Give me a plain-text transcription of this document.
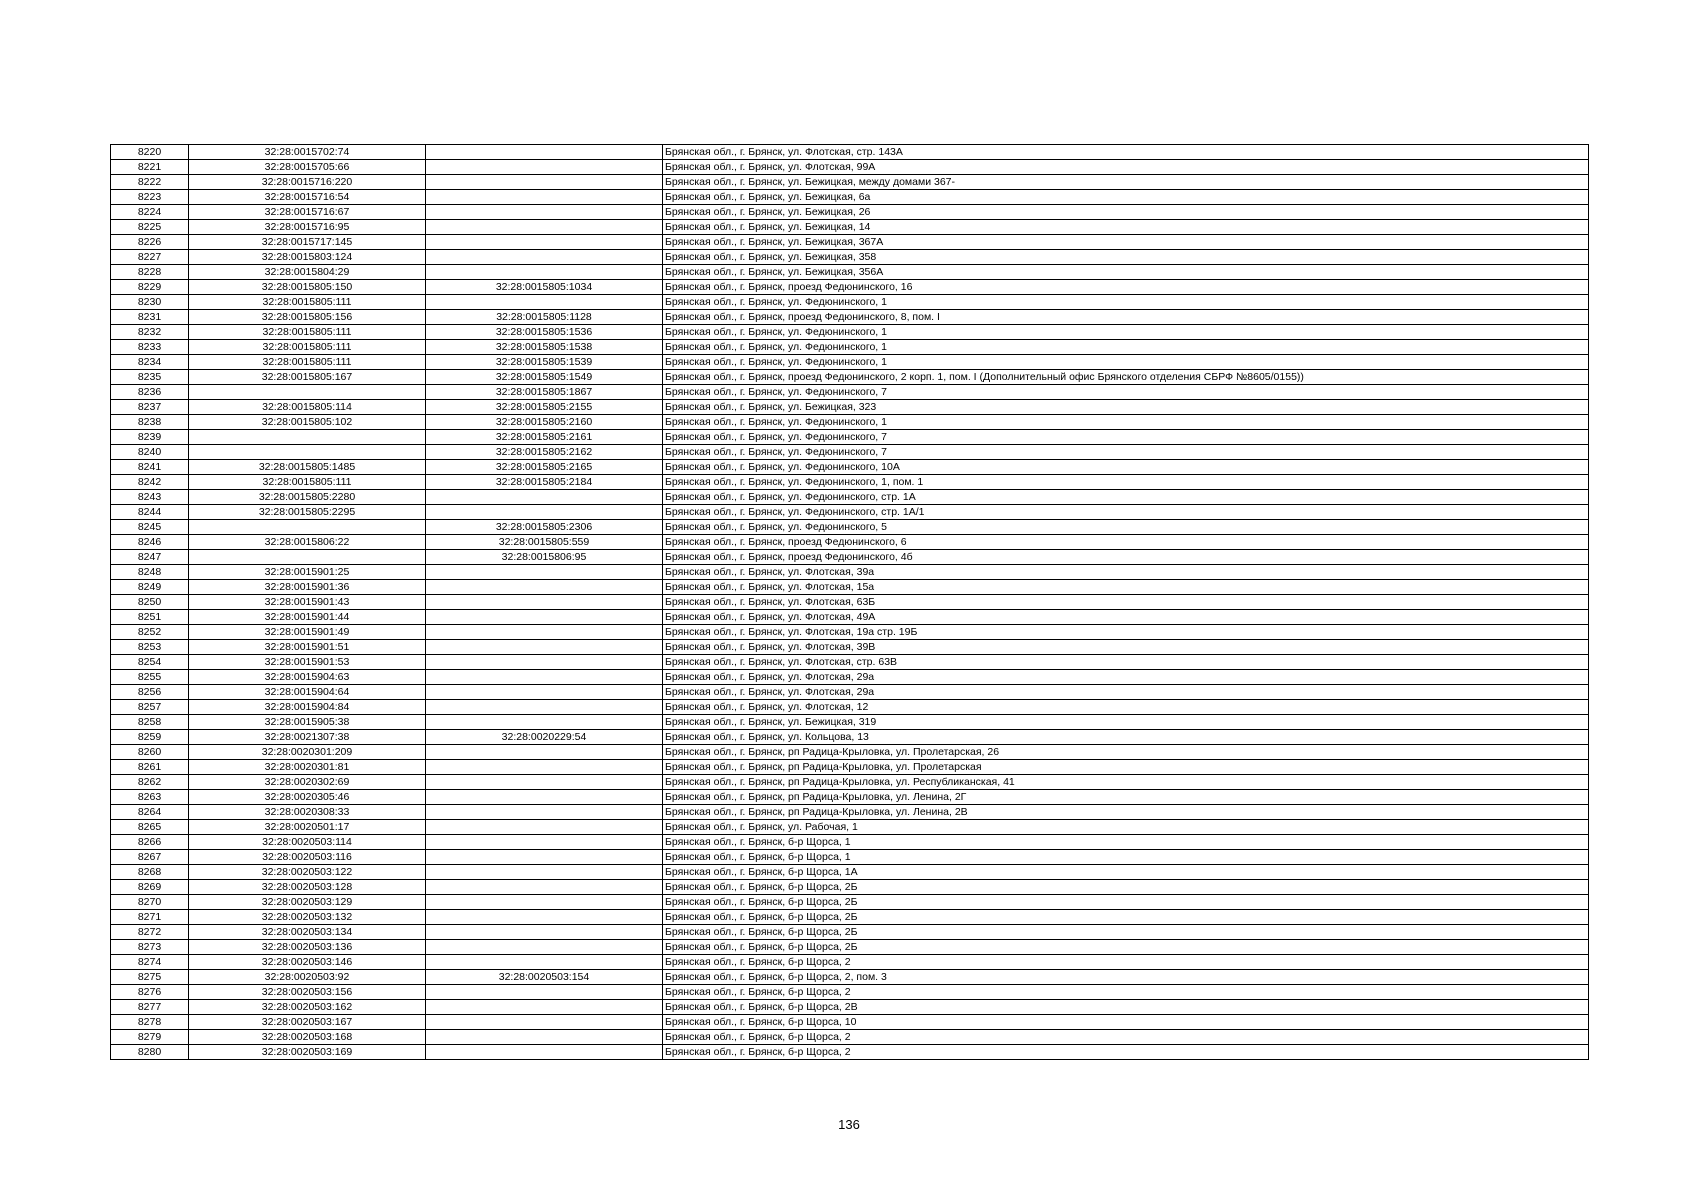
8220	32:28:0015702:74		Брянская обл., г. Брянск, ул. Флотская, стр. 143А
8221	32:28:0015705:66		Брянская обл., г. Брянск, ул. Флотская, 99А
8222	32:28:0015716:220		Брянская обл., г. Брянск, ул. Бежицкая, между домами 367-
8223	32:28:0015716:54		Брянская обл., г. Брянск, ул. Бежицкая, 6а
8224	32:28:0015716:67		Брянская обл., г. Брянск, ул. Бежицкая, 26
8225	32:28:0015716:95		Брянская обл., г. Брянск, ул. Бежицкая, 14
8226	32:28:0015717:145		Брянская обл., г. Брянск, ул. Бежицкая, 367А
8227	32:28:0015803:124		Брянская обл., г. Брянск, ул. Бежицкая, 358
8228	32:28:0015804:29		Брянская обл., г. Брянск, ул. Бежицкая, 356А
8229	32:28:0015805:150	32:28:0015805:1034	Брянская обл., г. Брянск, проезд Федюнинского, 16
8230	32:28:0015805:111		Брянская обл., г. Брянск, ул. Федюнинского, 1
8231	32:28:0015805:156	32:28:0015805:1128	Брянская обл., г. Брянск, проезд Федюнинского, 8, пом. I
8232	32:28:0015805:111	32:28:0015805:1536	Брянская обл., г. Брянск, ул. Федюнинского, 1
8233	32:28:0015805:111	32:28:0015805:1538	Брянская обл., г. Брянск, ул. Федюнинского, 1
8234	32:28:0015805:111	32:28:0015805:1539	Брянская обл., г. Брянск, ул. Федюнинского, 1
8235	32:28:0015805:167	32:28:0015805:1549	Брянская обл., г. Брянск, проезд Федюнинского, 2 корп. 1, пом. I (Дополнительный офис Брянского отделения СБРФ №8605/0155))
8236		32:28:0015805:1867	Брянская обл., г. Брянск, ул. Федюнинского, 7
8237	32:28:0015805:114	32:28:0015805:2155	Брянская обл., г. Брянск, ул. Бежицкая, 323
8238	32:28:0015805:102	32:28:0015805:2160	Брянская обл., г. Брянск, ул. Федюнинского, 1
8239		32:28:0015805:2161	Брянская обл., г. Брянск, ул. Федюнинского, 7
8240		32:28:0015805:2162	Брянская обл., г. Брянск, ул. Федюнинского, 7
8241	32:28:0015805:1485	32:28:0015805:2165	Брянская обл., г. Брянск, ул. Федюнинского, 10А
8242	32:28:0015805:111	32:28:0015805:2184	Брянская обл., г. Брянск, ул. Федюнинского, 1, пом. 1
8243	32:28:0015805:2280		Брянская обл., г. Брянск, ул. Федюнинского, стр. 1А
8244	32:28:0015805:2295		Брянская обл., г. Брянск, ул. Федюнинского, стр. 1А/1
8245		32:28:0015805:2306	Брянская обл., г. Брянск, ул. Федюнинского, 5
8246	32:28:0015806:22	32:28:0015805:559	Брянская обл., г. Брянск, проезд Федюнинского, 6
8247		32:28:0015806:95	Брянская обл., г. Брянск, проезд Федюнинского, 4б
8248	32:28:0015901:25		Брянская обл., г. Брянск, ул. Флотская, 39а
8249	32:28:0015901:36		Брянская обл., г. Брянск, ул. Флотская, 15а
8250	32:28:0015901:43		Брянская обл., г. Брянск, ул. Флотская, 63Б
8251	32:28:0015901:44		Брянская обл., г. Брянск, ул. Флотская, 49А
8252	32:28:0015901:49		Брянская обл., г. Брянск, ул. Флотская, 19а стр. 19Б
8253	32:28:0015901:51		Брянская обл., г. Брянск, ул. Флотская, 39В
8254	32:28:0015901:53		Брянская обл., г. Брянск, ул. Флотская, стр. 63В
8255	32:28:0015904:63		Брянская обл., г. Брянск, ул. Флотская, 29а
8256	32:28:0015904:64		Брянская обл., г. Брянск, ул. Флотская, 29а
8257	32:28:0015904:84		Брянская обл., г. Брянск, ул. Флотская, 12
8258	32:28:0015905:38		Брянская обл., г. Брянск, ул. Бежицкая, 319
8259	32:28:0021307:38	32:28:0020229:54	Брянская обл., г. Брянск, ул. Кольцова, 13
8260	32:28:0020301:209		Брянская обл., г. Брянск, рп Радица-Крыловка, ул. Пролетарская, 26
8261	32:28:0020301:81		Брянская обл., г. Брянск, рп Радица-Крыловка, ул. Пролетарская
8262	32:28:0020302:69		Брянская обл., г. Брянск, рп Радица-Крыловка, ул. Республиканская, 41
8263	32:28:0020305:46		Брянская обл., г. Брянск, рп Радица-Крыловка, ул. Ленина, 2Г
8264	32:28:0020308:33		Брянская обл., г. Брянск, рп Радица-Крыловка, ул. Ленина, 2В
8265	32:28:0020501:17		Брянская обл., г. Брянск, ул. Рабочая, 1
8266	32:28:0020503:114		Брянская обл., г. Брянск, б-р Щорса, 1
8267	32:28:0020503:116		Брянская обл., г. Брянск, б-р Щорса, 1
8268	32:28:0020503:122		Брянская обл., г. Брянск, б-р Щорса, 1А
8269	32:28:0020503:128		Брянская обл., г. Брянск, б-р Щорса, 2Б
8270	32:28:0020503:129		Брянская обл., г. Брянск, б-р Щорса, 2Б
8271	32:28:0020503:132		Брянская обл., г. Брянск, б-р Щорса, 2Б
8272	32:28:0020503:134		Брянская обл., г. Брянск, б-р Щорса, 2Б
8273	32:28:0020503:136		Брянская обл., г. Брянск, б-р Щорса, 2Б
8274	32:28:0020503:146		Брянская обл., г. Брянск, б-р Щорса, 2
8275	32:28:0020503:92	32:28:0020503:154	Брянская обл., г. Брянск, б-р Щорса, 2, пом. 3
8276	32:28:0020503:156		Брянская обл., г. Брянск, б-р Щорса, 2
8277	32:28:0020503:162		Брянская обл., г. Брянск, б-р Щорса, 2В
8278	32:28:0020503:167		Брянская обл., г. Брянск, б-р Щорса, 10
8279	32:28:0020503:168		Брянская обл., г. Брянск, б-р Щорса, 2
8280	32:28:0020503:169		Брянская обл., г. Брянск, б-р Щорса, 2
136
